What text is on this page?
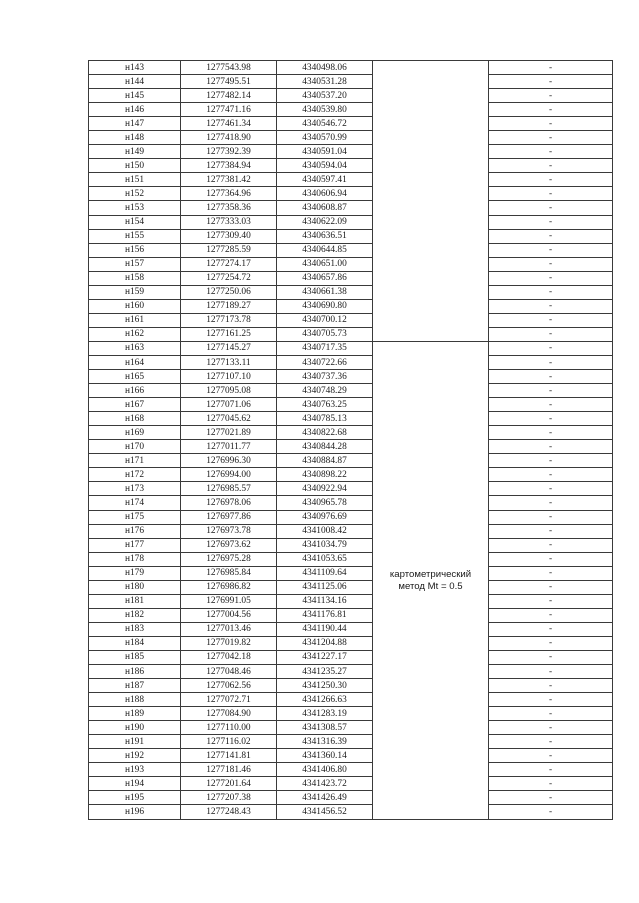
н143	1277543.98	4340498.06		-
н144	1277495.51	4340531.28		-
н145	1277482.14	4340537.20		-
н146	1277471.16	4340539.80		-
н147	1277461.34	4340546.72		-
н148	1277418.90	4340570.99		-
н149	1277392.39	4340591.04		-
н150	1277384.94	4340594.04		-
н151	1277381.42	4340597.41		-
н152	1277364.96	4340606.94		-
н153	1277358.36	4340608.87		-
н154	1277333.03	4340622.09		-
н155	1277309.40	4340636.51		-
н156	1277285.59	4340644.85		-
н157	1277274.17	4340651.00		-
н158	1277254.72	4340657.86		-
н159	1277250.06	4340661.38		-
н160	1277189.27	4340690.80		-
н161	1277173.78	4340700.12		-
н162	1277161.25	4340705.73		-
н163	1277145.27	4340717.35	картометрический
метод Mt = 0.5	-
н164	1277133.11	4340722.66		-
н165	1277107.10	4340737.36		-
н166	1277095.08	4340748.29		-
н167	1277071.06	4340763.25		-
н168	1277045.62	4340785.13		-
н169	1277021.89	4340822.68		-
н170	1277011.77	4340844.28		-
н171	1276996.30	4340884.87		-
н172	1276994.00	4340898.22		-
н173	1276985.57	4340922.94		-
н174	1276978.06	4340965.78		-
н175	1276977.86	4340976.69		-
н176	1276973.78	4341008.42		-
н177	1276973.62	4341034.79		-
н178	1276975.28	4341053.65		-
н179	1276985.84	4341109.64		-
н180	1276986.82	4341125.06		-
н181	1276991.05	4341134.16		-
н182	1277004.56	4341176.81		-
н183	1277013.46	4341190.44		-
н184	1277019.82	4341204.88		-
н185	1277042.18	4341227.17		-
н186	1277048.46	4341235.27		-
н187	1277062.56	4341250.30		-
н188	1277072.71	4341266.63		-
н189	1277084.90	4341283.19		-
н190	1277110.00	4341308.57		-
н191	1277116.02	4341316.39		-
н192	1277141.81	4341360.14		-
н193	1277181.46	4341406.80		-
н194	1277201.64	4341423.72		-
н195	1277207.38	4341426.49		-
н196	1277248.43	4341456.52		-
